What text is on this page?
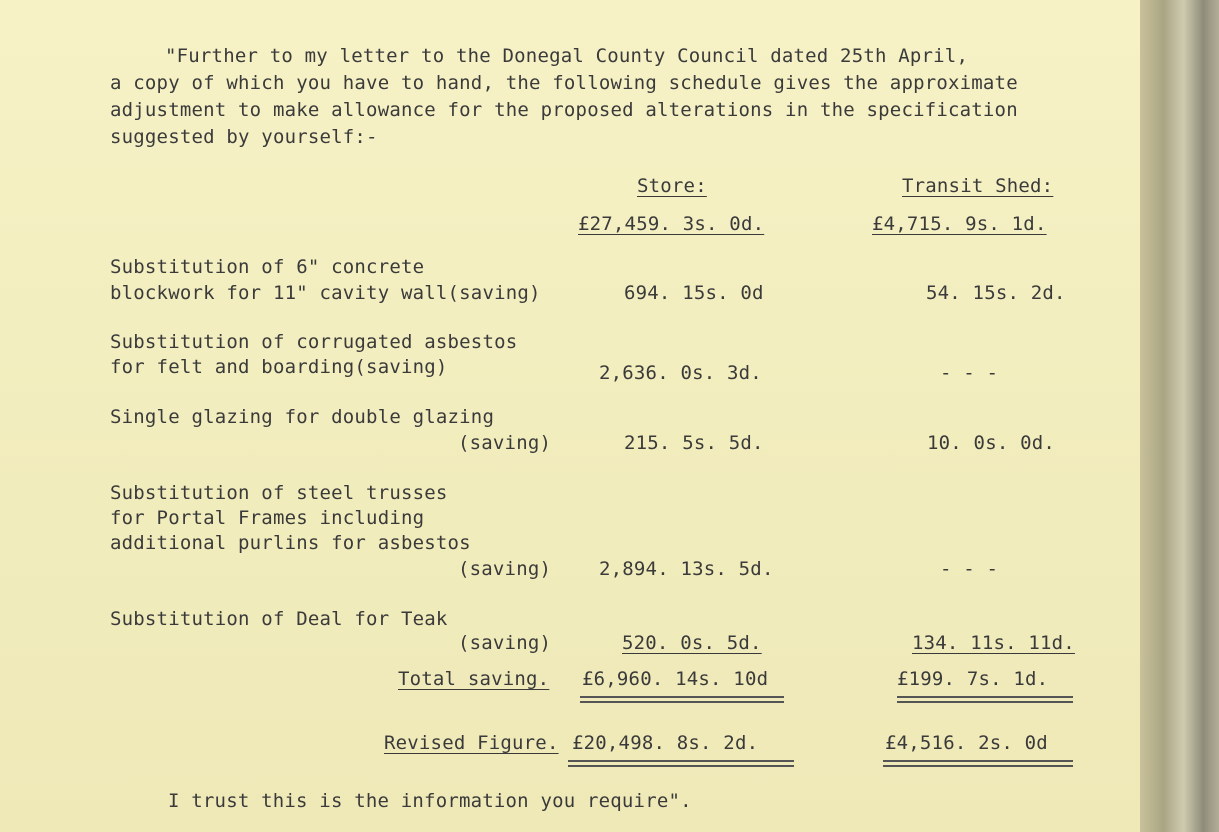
"Further to my letter to the Donegal County Council dated 25th April,
a copy of which you have to hand, the following schedule gives the approximate
adjustment to make allowance for the proposed alterations in the specification
suggested by yourself:-
Store:	Transit Shed:
£27,459. 3s. 0d.	£4,715. 9s. 1d.
Substitution of 6" concrete
blockwork for 11" cavity wall(saving)	694. 15s. 0d	54. 15s. 2d.
Substitution of corrugated asbestos
for felt and boarding(saving)	2,636. 0s. 3d.	- - -
Single glazing for double glazing
(saving)	215. 5s. 5d.	10. 0s. 0d.
Substitution of steel trusses
for Portal Frames including
additional purlins for asbestos
(saving)	2,894. 13s. 5d.	- - -
Substitution of Deal for Teak
(saving)	520. 0s. 5d.	134. 11s. 11d.
Total saving. £6,960. 14s. 10d	£199. 7s. 1d.
Revised Figure. £20,498. 8s. 2d.	£4,516. 2s. 0d
I trust this is the information you require".
